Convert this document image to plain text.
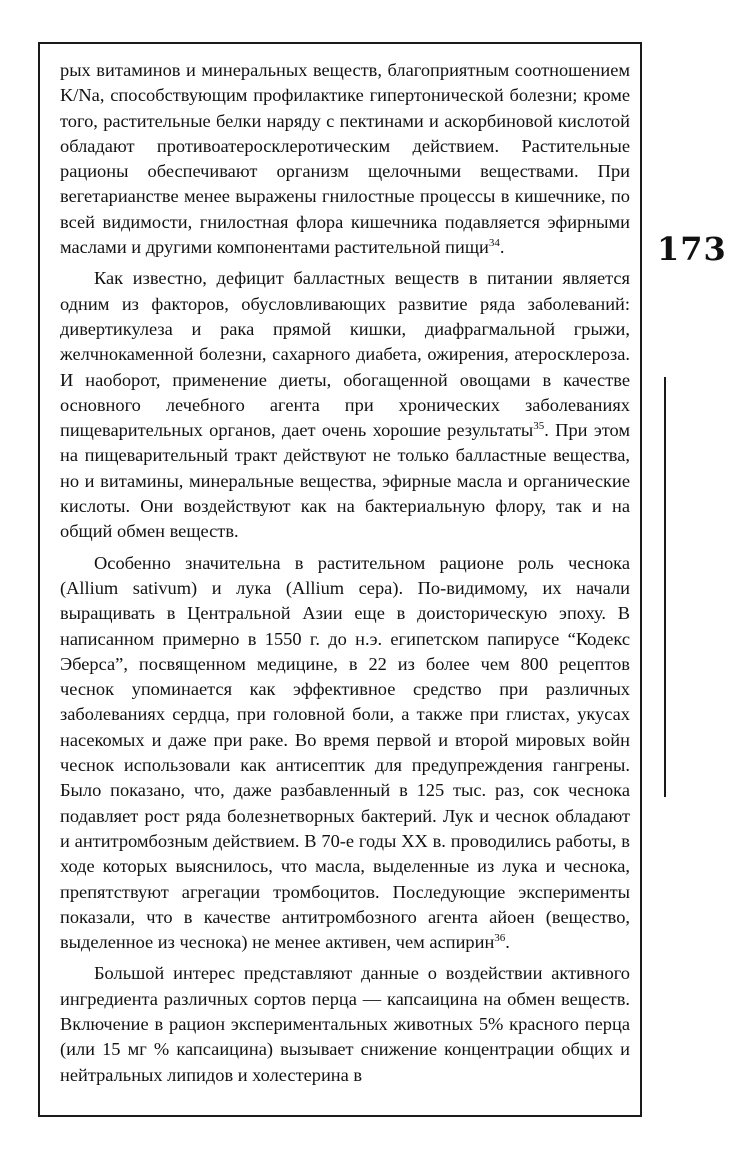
173

рых витаминов и минеральных веществ, благоприятным соотношением K/Na, способствующим профилактике гипертонической болезни; кроме того, растительные белки наряду с пектинами и аскорбиновой кислотой обладают противоатеросклеротическим действием. Растительные рационы обеспечивают организм щелочными веществами. При вегетарианстве менее выражены гнилостные процессы в кишечнике, по всей видимости, гнилостная флора кишечника подавляется эфирными маслами и другими компонентами растительной пищи$^{34}$.

Как известно, дефицит балластных веществ в питании является одним из факторов, обусловливающих развитие ряда заболеваний: дивертикулеза и рака прямой кишки, диафрагмальной грыжи, желчнокаменной болезни, сахарного диабета, ожирения, атеросклероза. И наоборот, применение диеты, обогащенной овощами в качестве основного лечебного агента при хронических заболеваниях пищеварительных органов, дает очень хорошие результаты$^{35}$. При этом на пищеварительный тракт действуют не только балластные вещества, но и витамины, минеральные вещества, эфирные масла и органические кислоты. Они воздействуют как на бактериальную флору, так и на общий обмен веществ.

Особенно значительна в растительном рационе роль чеснока (Allium sativum) и лука (Allium cepa). По-видимому, их начали выращивать в Центральной Азии еще в доисторическую эпоху. В написанном примерно в 1550 г. до н.э. египетском папирусе “Кодекс Эберса”, посвященном медицине, в 22 из более чем 800 рецептов чеснок упоминается как эффективное средство при различных заболеваниях сердца, при головной боли, а также при глистах, укусах насекомых и даже при раке. Во время первой и второй мировых войн чеснок использовали как антисептик для предупреждения гангрены. Было показано, что, даже разбавленный в 125 тыс. раз, сок чеснока подавляет рост ряда болезнетворных бактерий. Лук и чеснок обладают и антитромбозным действием. В 70-е годы XX в. проводились работы, в ходе которых выяснилось, что масла, выделенные из лука и чеснока, препятствуют агрегации тромбоцитов. Последующие эксперименты показали, что в качестве антитромбозного агента айоен (вещество, выделенное из чеснока) не менее активен, чем аспирин$^{36}$.

Большой интерес представляют данные о воздействии активного ингредиента различных сортов перца — капсаицина на обмен веществ. Включение в рацион экспериментальных животных 5% красного перца (или 15 мг % капсаицина) вызывает снижение концентрации общих и нейтральных липидов и холестерина в
